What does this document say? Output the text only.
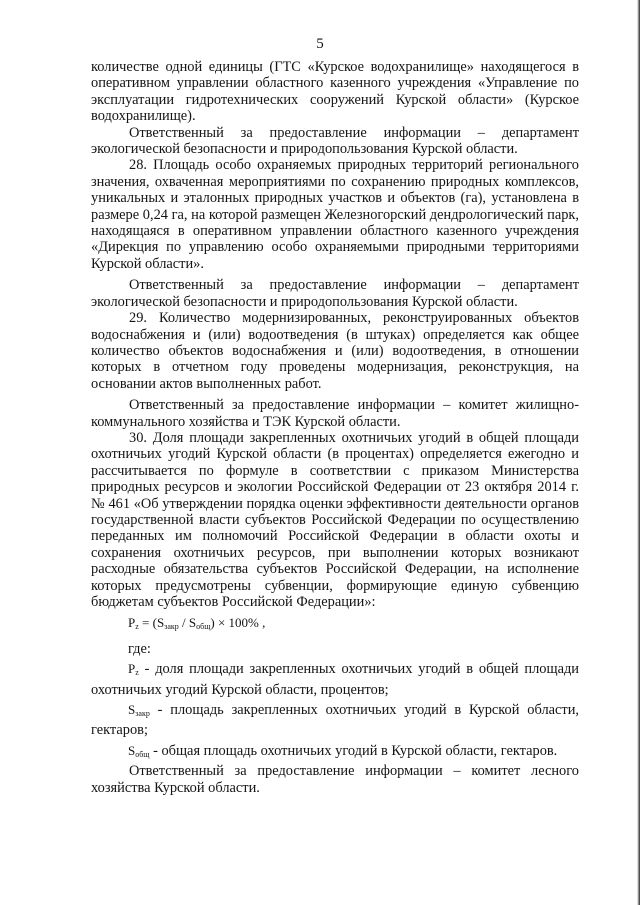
5

количестве одной единицы (ГТС «Курское водохранилище» находящегося в оперативном управлении областного казенного учреждения «Управление по эксплуатации гидротехнических сооружений Курской области» (Курское водохранилище).

Ответственный за предоставление информации – департамент экологической безопасности и природопользования Курской области.

28. Площадь особо охраняемых природных территорий регионального значения, охваченная мероприятиями по сохранению природных комплексов, уникальных и эталонных природных участков и объектов (га), установлена в размере 0,24 га, на которой размещен Железногорский дендрологический парк, находящаяся в оперативном управлении областного казенного учреждения «Дирекция по управлению особо охраняемыми природными территориями Курской области».

Ответственный за предоставление информации – департамент экологической безопасности и природопользования Курской области.

29. Количество модернизированных, реконструированных объектов водоснабжения и (или) водоотведения (в штуках) определяется как общее количество объектов водоснабжения и (или) водоотведения, в отношении которых в отчетном году проведены модернизация, реконструкция, на основании актов выполненных работ.

Ответственный за предоставление информации – комитет жилищно-коммунального хозяйства и ТЭК Курской области.

30. Доля площади закрепленных охотничьих угодий в общей площади охотничьих угодий Курской области (в процентах) определяется ежегодно и рассчитывается по формуле в соответствии с приказом Министерства природных ресурсов и экологии Российской Федерации от 23 октября 2014 г. № 461 «Об утверждении порядка оценки эффективности деятельности органов государственной власти субъектов Российской Федерации по осуществлению переданных им полномочий Российской Федерации в области охоты и сохранения охотничьих ресурсов, при выполнении которых возникают расходные обязательства субъектов Российской Федерации, на исполнение которых предусмотрены субвенции, формирующие единую субвенцию бюджетам субъектов Российской Федерации»:

$P_z = (S_{закр} / S_{общ}) \times 100\%$ ,
где:

$P_z$ - доля площади закрепленных охотничьих угодий в общей площади охотничьих угодий Курской области, процентов;

$S_{закр}$ - площадь закрепленных охотничьих угодий в Курской области, гектаров;

$S_{общ}$ - общая площадь охотничьих угодий в Курской области, гектаров.

Ответственный за предоставление информации – комитет лесного хозяйства Курской области.
